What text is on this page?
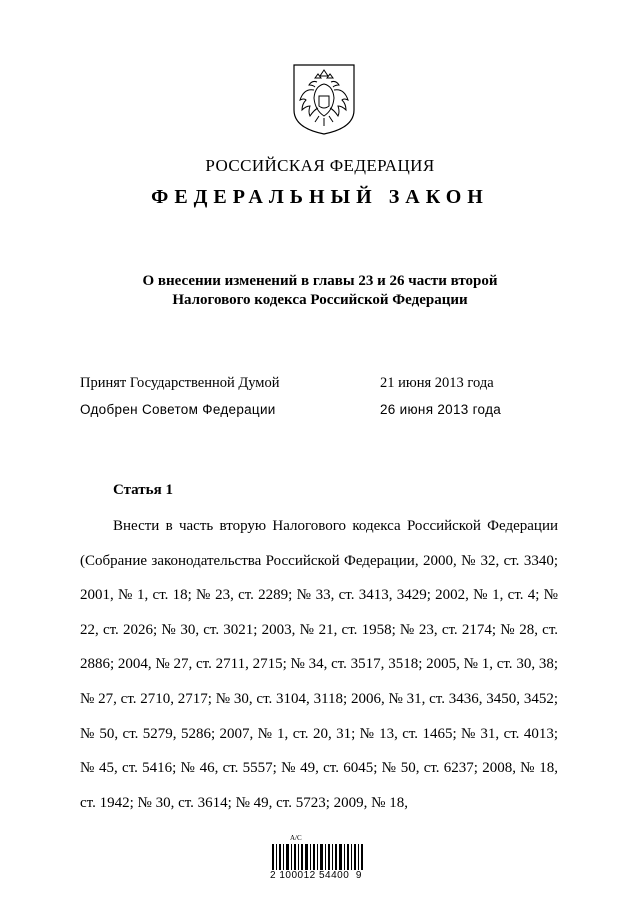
РОССИЙСКАЯ ФЕДЕРАЦИЯ
ФЕДЕРАЛЬНЫЙ ЗАКОН
О внесении изменений в главы 23 и 26 части второй
Налогового кодекса Российской Федерации
Принят Государственной Думой	21 июня 2013 года
Одобрен Советом Федерации	26 июня 2013 года
Статья 1
Внести в часть вторую Налогового кодекса Российской Федерации (Собрание законодательства Российской Федерации, 2000, № 32, ст. 3340; 2001, № 1, ст. 18; № 23, ст. 2289; № 33, ст. 3413, 3429; 2002, № 1, ст. 4; № 22, ст. 2026; № 30, ст. 3021; 2003, № 21, ст. 1958; № 23, ст. 2174; № 28, ст. 2886; 2004, № 27, ст. 2711, 2715; № 34, ст. 3517, 3518; 2005, № 1, ст. 30, 38; № 27, ст. 2710, 2717; № 30, ст. 3104, 3118; 2006, № 31, ст. 3436, 3450, 3452; № 50, ст. 5279, 5286; 2007, № 1, ст. 20, 31; № 13, ст. 1465; № 31, ст. 4013; № 45, ст. 5416; № 46, ст. 5557; № 49, ст. 6045; № 50, ст. 6237; 2008, № 18, ст. 1942; № 30, ст. 3614; № 49, ст. 5723; 2009, № 18,
А/С
2 100012 54400  9
